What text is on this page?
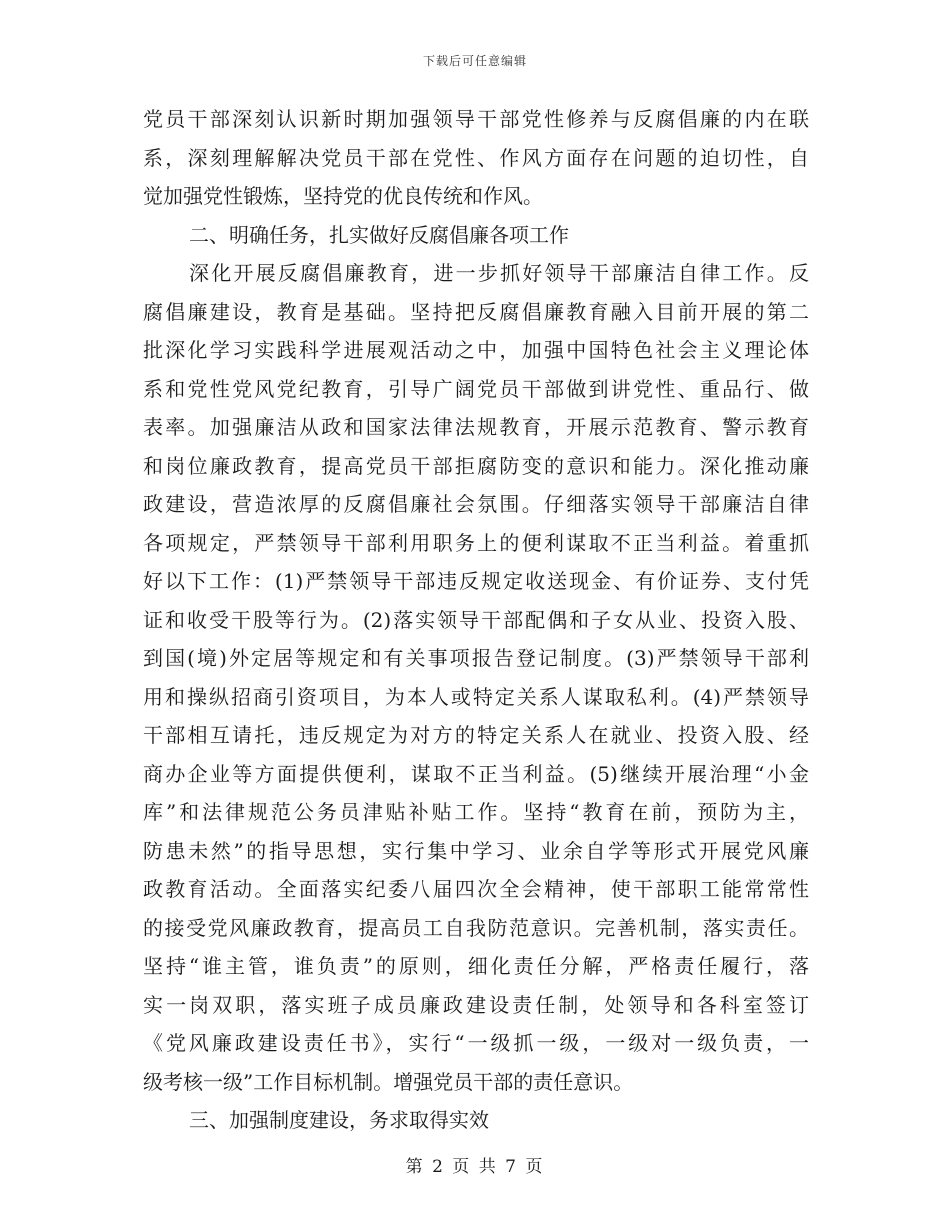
下载后可任意编辑
党员干部深刻认识新时期加强领导干部党性修养与反腐倡廉的内在联
系，深刻理解解决党员干部在党性、作风方面存在问题的迫切性，自
觉加强党性锻炼，坚持党的优良传统和作风。
二、明确任务，扎实做好反腐倡廉各项工作
深化开展反腐倡廉教育，进一步抓好领导干部廉洁自律工作。反
腐倡廉建设，教育是基础。坚持把反腐倡廉教育融入目前开展的第二
批深化学习实践科学进展观活动之中，加强中国特色社会主义理论体
系和党性党风党纪教育，引导广阔党员干部做到讲党性、重品行、做
表率。加强廉洁从政和国家法律法规教育，开展示范教育、警示教育
和岗位廉政教育，提高党员干部拒腐防变的意识和能力。深化推动廉
政建设，营造浓厚的反腐倡廉社会氛围。仔细落实领导干部廉洁自律
各项规定，严禁领导干部利用职务上的便利谋取不正当利益。着重抓
好以下工作：(1)严禁领导干部违反规定收送现金、有价证券、支付凭
证和收受干股等行为。(2)落实领导干部配偶和子女从业、投资入股、
到国(境)外定居等规定和有关事项报告登记制度。(3)严禁领导干部利
用和操纵招商引资项目，为本人或特定关系人谋取私利。(4)严禁领导
干部相互请托，违反规定为对方的特定关系人在就业、投资入股、经
商办企业等方面提供便利，谋取不正当利益。(5)继续开展治理“小金
库”和法律规范公务员津贴补贴工作。坚持“教育在前，预防为主，
防患未然”的指导思想，实行集中学习、业余自学等形式开展党风廉
政教育活动。全面落实纪委八届四次全会精神，使干部职工能常常性
的接受党风廉政教育，提高员工自我防范意识。完善机制，落实责任。
坚持“谁主管，谁负责”的原则，细化责任分解，严格责任履行，落
实一岗双职，落实班子成员廉政建设责任制，处领导和各科室签订
《党风廉政建设责任书》，实行“一级抓一级，一级对一级负责，一
级考核一级”工作目标机制。增强党员干部的责任意识。
三、加强制度建设，务求取得实效
第 2 页 共 7 页
